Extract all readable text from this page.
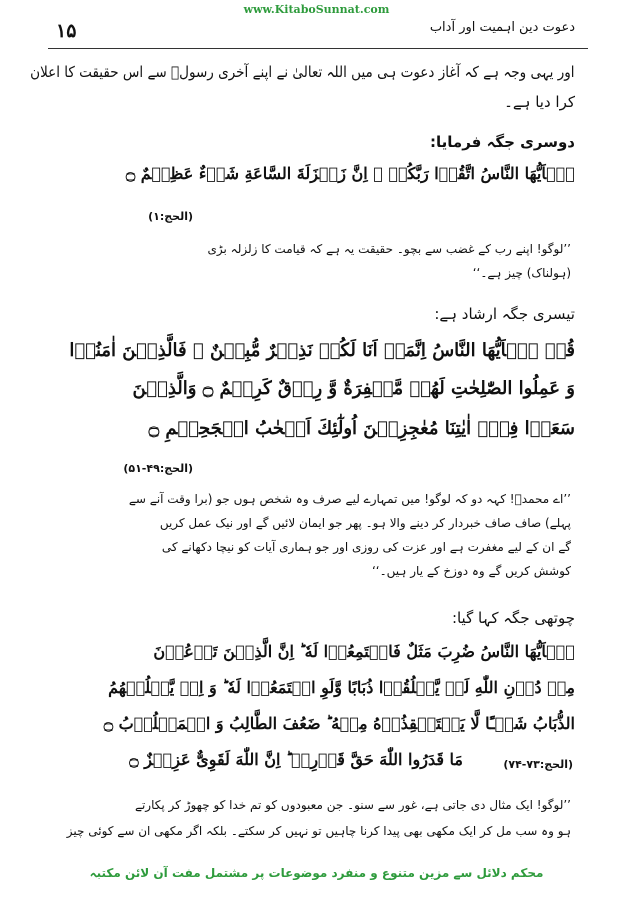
www.KitaboSunnat.com
۱۵	دعوت دین اہمیت اور آداب
اور یہی وجہ ہے کہ آغاز دعوت ہی میں اللہ تعالیٰ نے اپنے آخری رسولؐ سے اس حقیقت کا اعلان
کرا دیا ہے۔
دوسری جگہ فرمایا:
یٰۤاَیُّهَا النَّاسُ اتَّقُوۡا رَبَّكُمۡ ۚ اِنَّ زَلۡزَلَةَ السَّاعَةِ شَیۡءٌ عَظِیۡمٌ ۝
(الحج:۱)
’’لوگو! اپنے رب کے غضب سے بچو۔ حقیقت یہ ہے کہ قیامت کا زلزلہ بڑی
(ہولناک) چیز ہے۔‘‘
تیسری جگہ ارشاد ہے:
قُلۡ یٰۤاَیُّهَا النَّاسُ اِنَّمَاۤ اَنَا لَكُمۡ نَذِیۡرٌ مُّبِیۡنٌ ۚ فَالَّذِیۡنَ اٰمَنُوۡا
وَ عَمِلُوا الصّٰلِحٰتِ لَهُمۡ مَّغۡفِرَةٌ وَّ رِزۡقٌ كَرِیۡمٌ ۝ وَالَّذِیۡنَ
سَعَوۡا فِیۡۤ اٰیٰتِنَا مُعٰجِزِیۡنَ اُولٰٓئِكَ اَصۡحٰبُ الۡجَحِیۡمِ ۝
(الحج:۴۹-۵۱)
’’اے محمدؐ! کہہ دو کہ لوگو! میں تمہارے لیے صرف وہ شخص ہوں جو (برا وقت آنے سے
پہلے) صاف صاف خبردار کر دینے والا ہو۔ پھر جو ایمان لائیں گے اور نیک عمل کریں
گے ان کے لیے مغفرت ہے اور عزت کی روزی اور جو ہماری آیات کو نیچا دکھانے کی
کوشش کریں گے وہ دوزخ کے یار ہیں۔‘‘
چوتھی جگہ کہا گیا:
یٰۤاَیُّهَا النَّاسُ ضُرِبَ مَثَلٌ فَاسۡتَمِعُوۡا لَهٗ ؕ اِنَّ الَّذِیۡنَ تَدۡعُوۡنَ
مِنۡ دُوۡنِ اللّٰهِ لَنۡ یَّخۡلُقُوۡا ذُبَابًا وَّلَوِ اجۡتَمَعُوۡا لَهٗ ؕ وَ اِنۡ یَّسۡلُبۡهُمُ
الذُّبَابُ شَیۡـًٔا لَّا یَسۡتَنۡقِذُوۡهُ مِنۡهُ ؕ ضَعُفَ الطَّالِبُ وَ الۡمَطۡلُوۡبُ ۝
مَا قَدَرُوا اللّٰهَ حَقَّ قَدۡرِهٖ ؕ اِنَّ اللّٰهَ لَقَوِیٌّ عَزِیۡزٌ ۝	(الحج:۷۳-۷۴)
’’لوگو! ایک مثال دی جاتی ہے، غور سے سنو۔ جن معبودوں کو تم خدا کو چھوڑ کر پکارتے
ہو وہ سب مل کر ایک مکھی بھی پیدا کرنا چاہیں تو نہیں کر سکتے۔ بلکہ اگر مکھی ان سے کوئی چیز
محکم دلائل سے مزین متنوع و منفرد موضوعات پر مشتمل مفت آن لائن مکتبہ
